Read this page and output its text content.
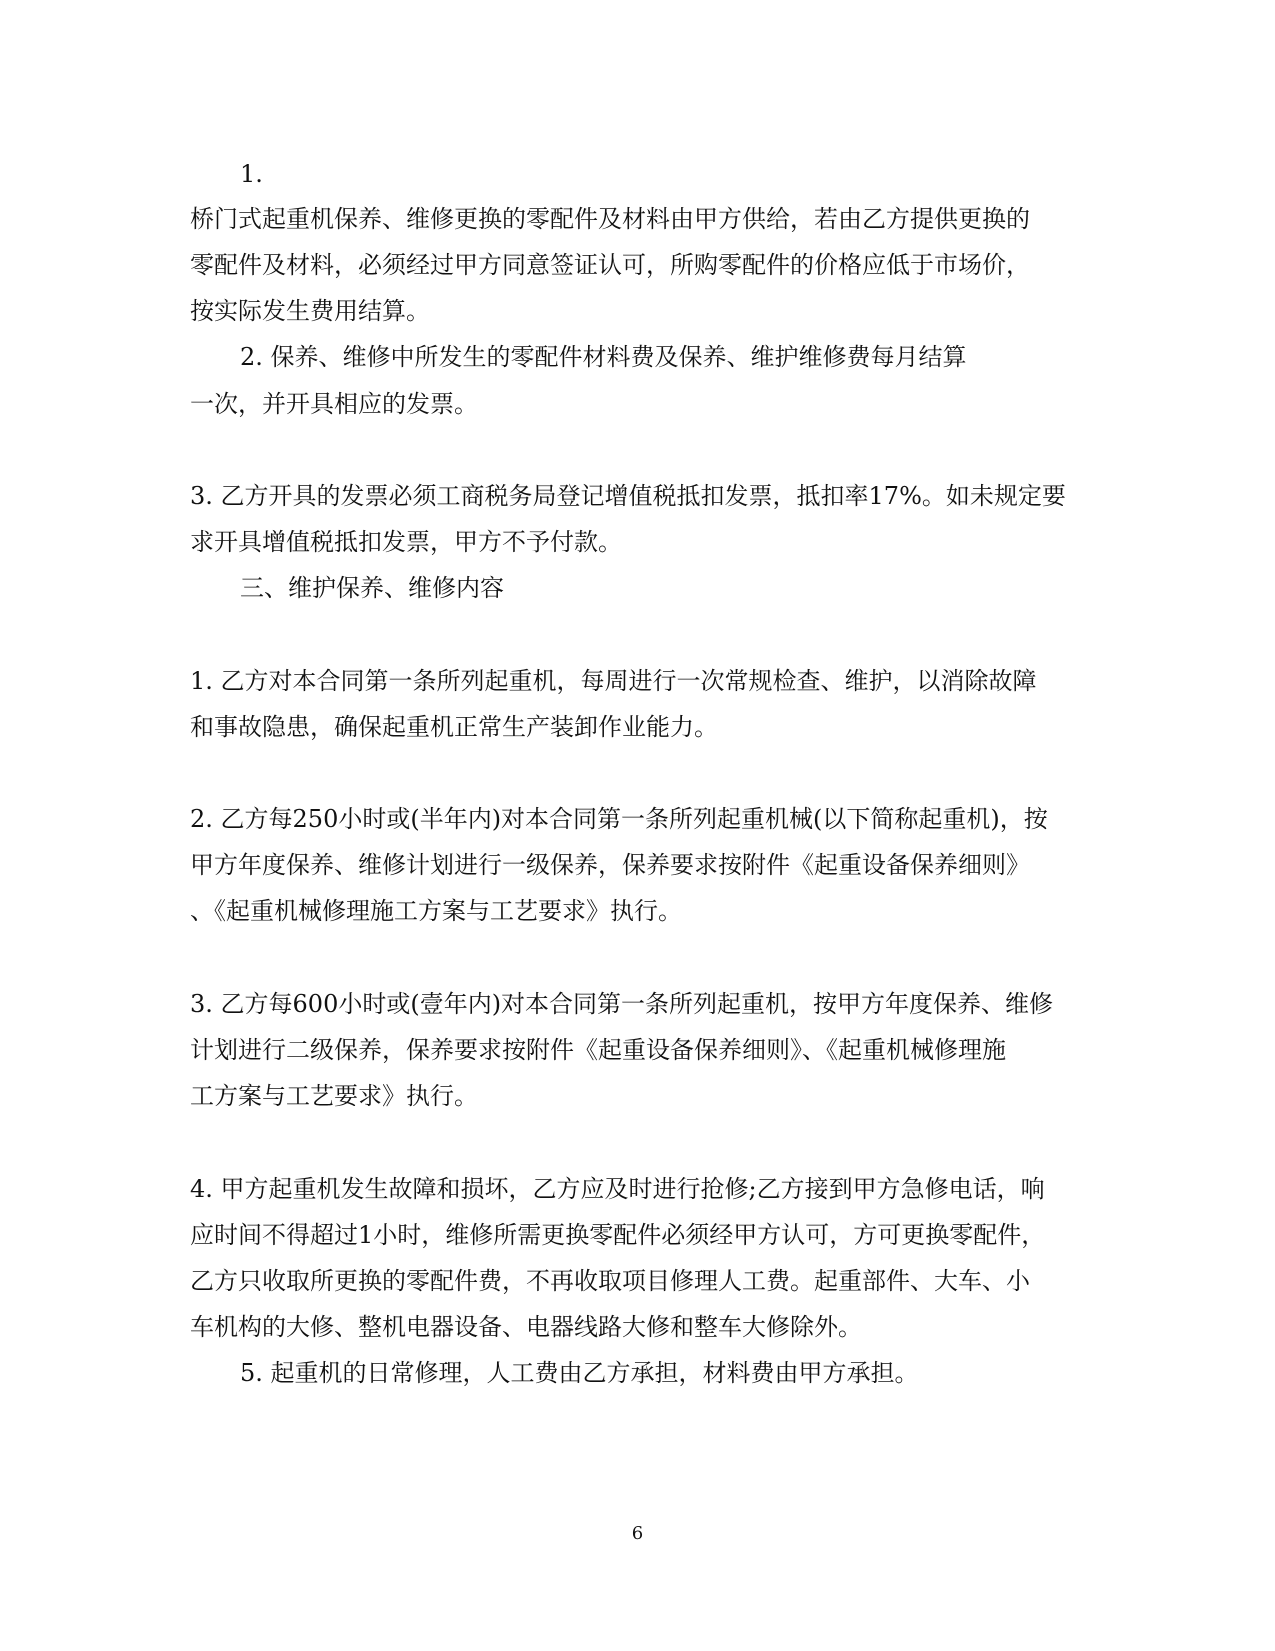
1.
桥门式起重机保养、维修更换的零配件及材料由甲方供给，若由乙方提供更换的
零配件及材料，必须经过甲方同意签证认可，所购零配件的价格应低于市场价，
按实际发生费用结算。
2. 保养、维修中所发生的零配件材料费及保养、维护维修费每月结算
一次，并开具相应的发票。
3. 乙方开具的发票必须工商税务局登记增值税抵扣发票，抵扣率17%。如未规定要
求开具增值税抵扣发票，甲方不予付款。
三、维护保养、维修内容
1. 乙方对本合同第一条所列起重机，每周进行一次常规检查、维护，以消除故障
和事故隐患，确保起重机正常生产装卸作业能力。
2. 乙方每250小时或(半年内)对本合同第一条所列起重机械(以下简称起重机)，按
甲方年度保养、维修计划进行一级保养，保养要求按附件《起重设备保养细则》
、《起重机械修理施工方案与工艺要求》执行。
3. 乙方每600小时或(壹年内)对本合同第一条所列起重机，按甲方年度保养、维修
计划进行二级保养，保养要求按附件《起重设备保养细则》、《起重机械修理施
工方案与工艺要求》执行。
4. 甲方起重机发生故障和损坏，乙方应及时进行抢修;乙方接到甲方急修电话，响
应时间不得超过1小时，维修所需更换零配件必须经甲方认可，方可更换零配件，
乙方只收取所更换的零配件费，不再收取项目修理人工费。起重部件、大车、小
车机构的大修、整机电器设备、电器线路大修和整车大修除外。
5. 起重机的日常修理，人工费由乙方承担，材料费由甲方承担。
6
